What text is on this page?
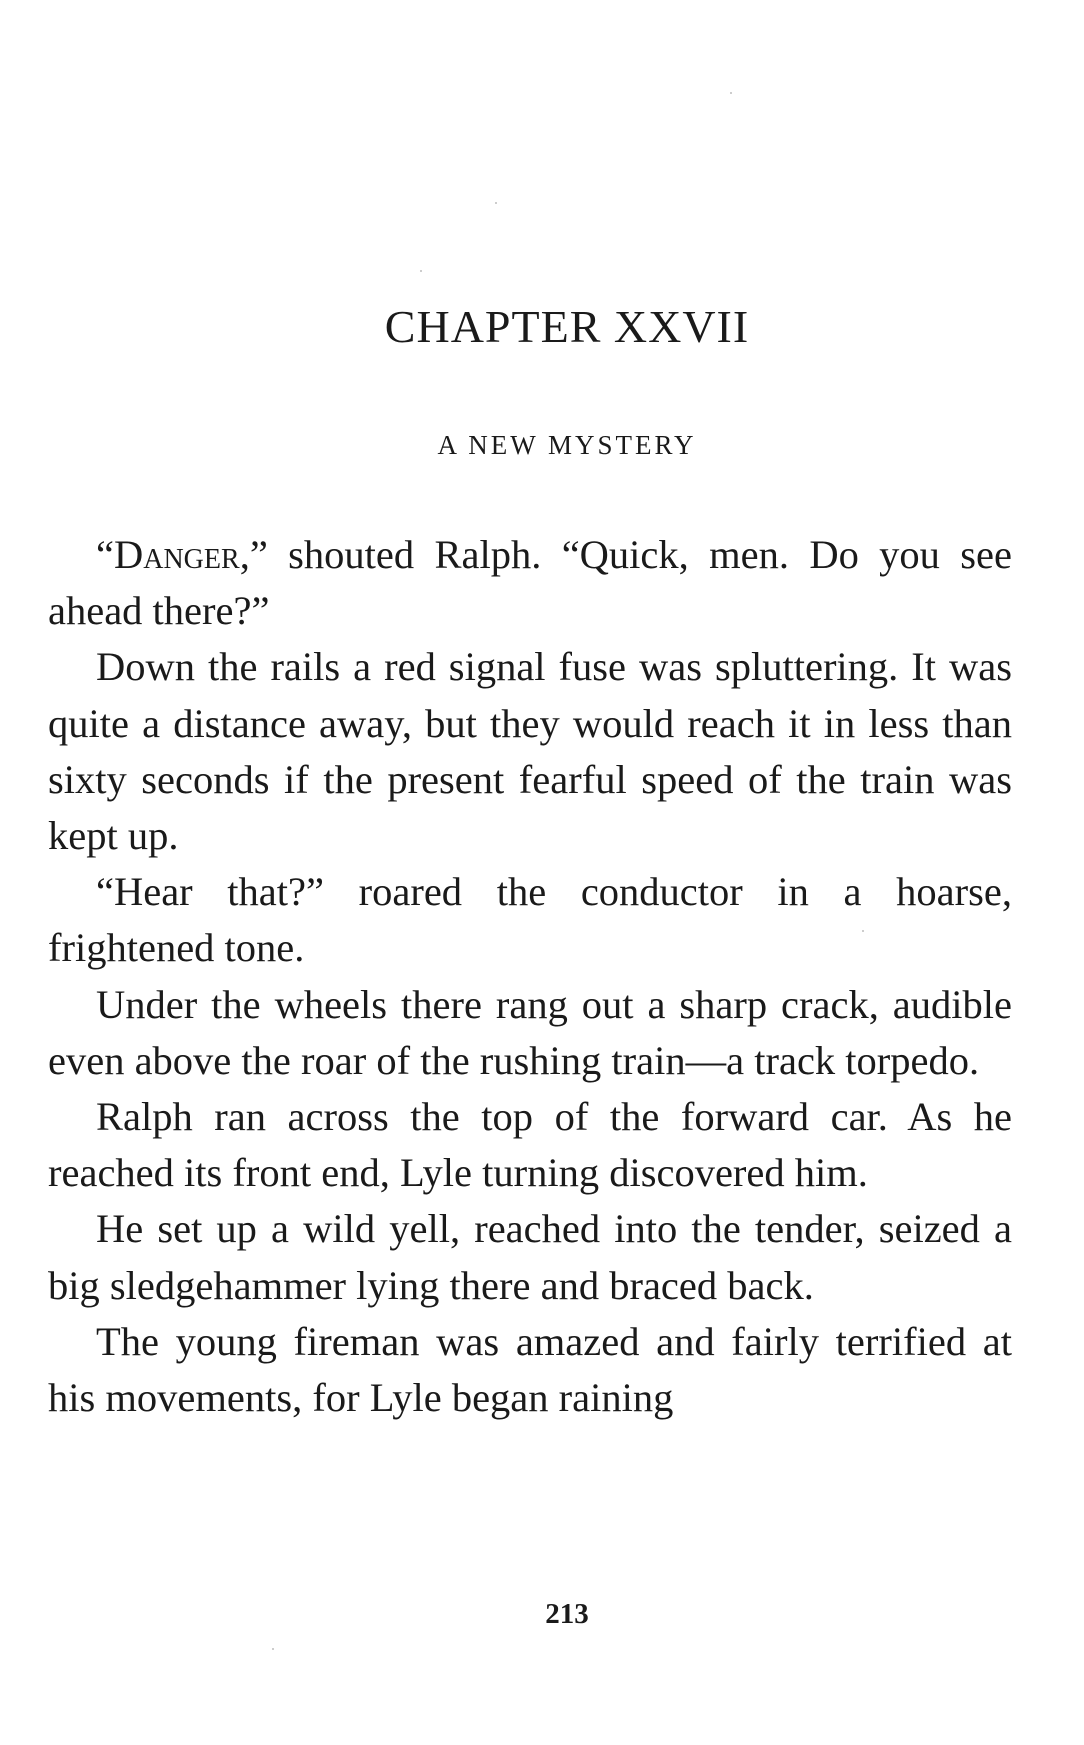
CHAPTER XXVII
A NEW MYSTERY

“Danger,” shouted Ralph. “Quick, men. Do you see ahead there?”

Down the rails a red signal fuse was spluttering. It was quite a distance away, but they would reach it in less than sixty seconds if the present fearful speed of the train was kept up.

“Hear that?” roared the conductor in a hoarse, frightened tone.

Under the wheels there rang out a sharp crack, audible even above the roar of the rushing train—a track torpedo.

Ralph ran across the top of the forward car. As he reached its front end, Lyle turning discovered him.

He set up a wild yell, reached into the tender, seized a big sledgehammer lying there and braced back.

The young fireman was amazed and fairly terrified at his movements, for Lyle began raining

213
